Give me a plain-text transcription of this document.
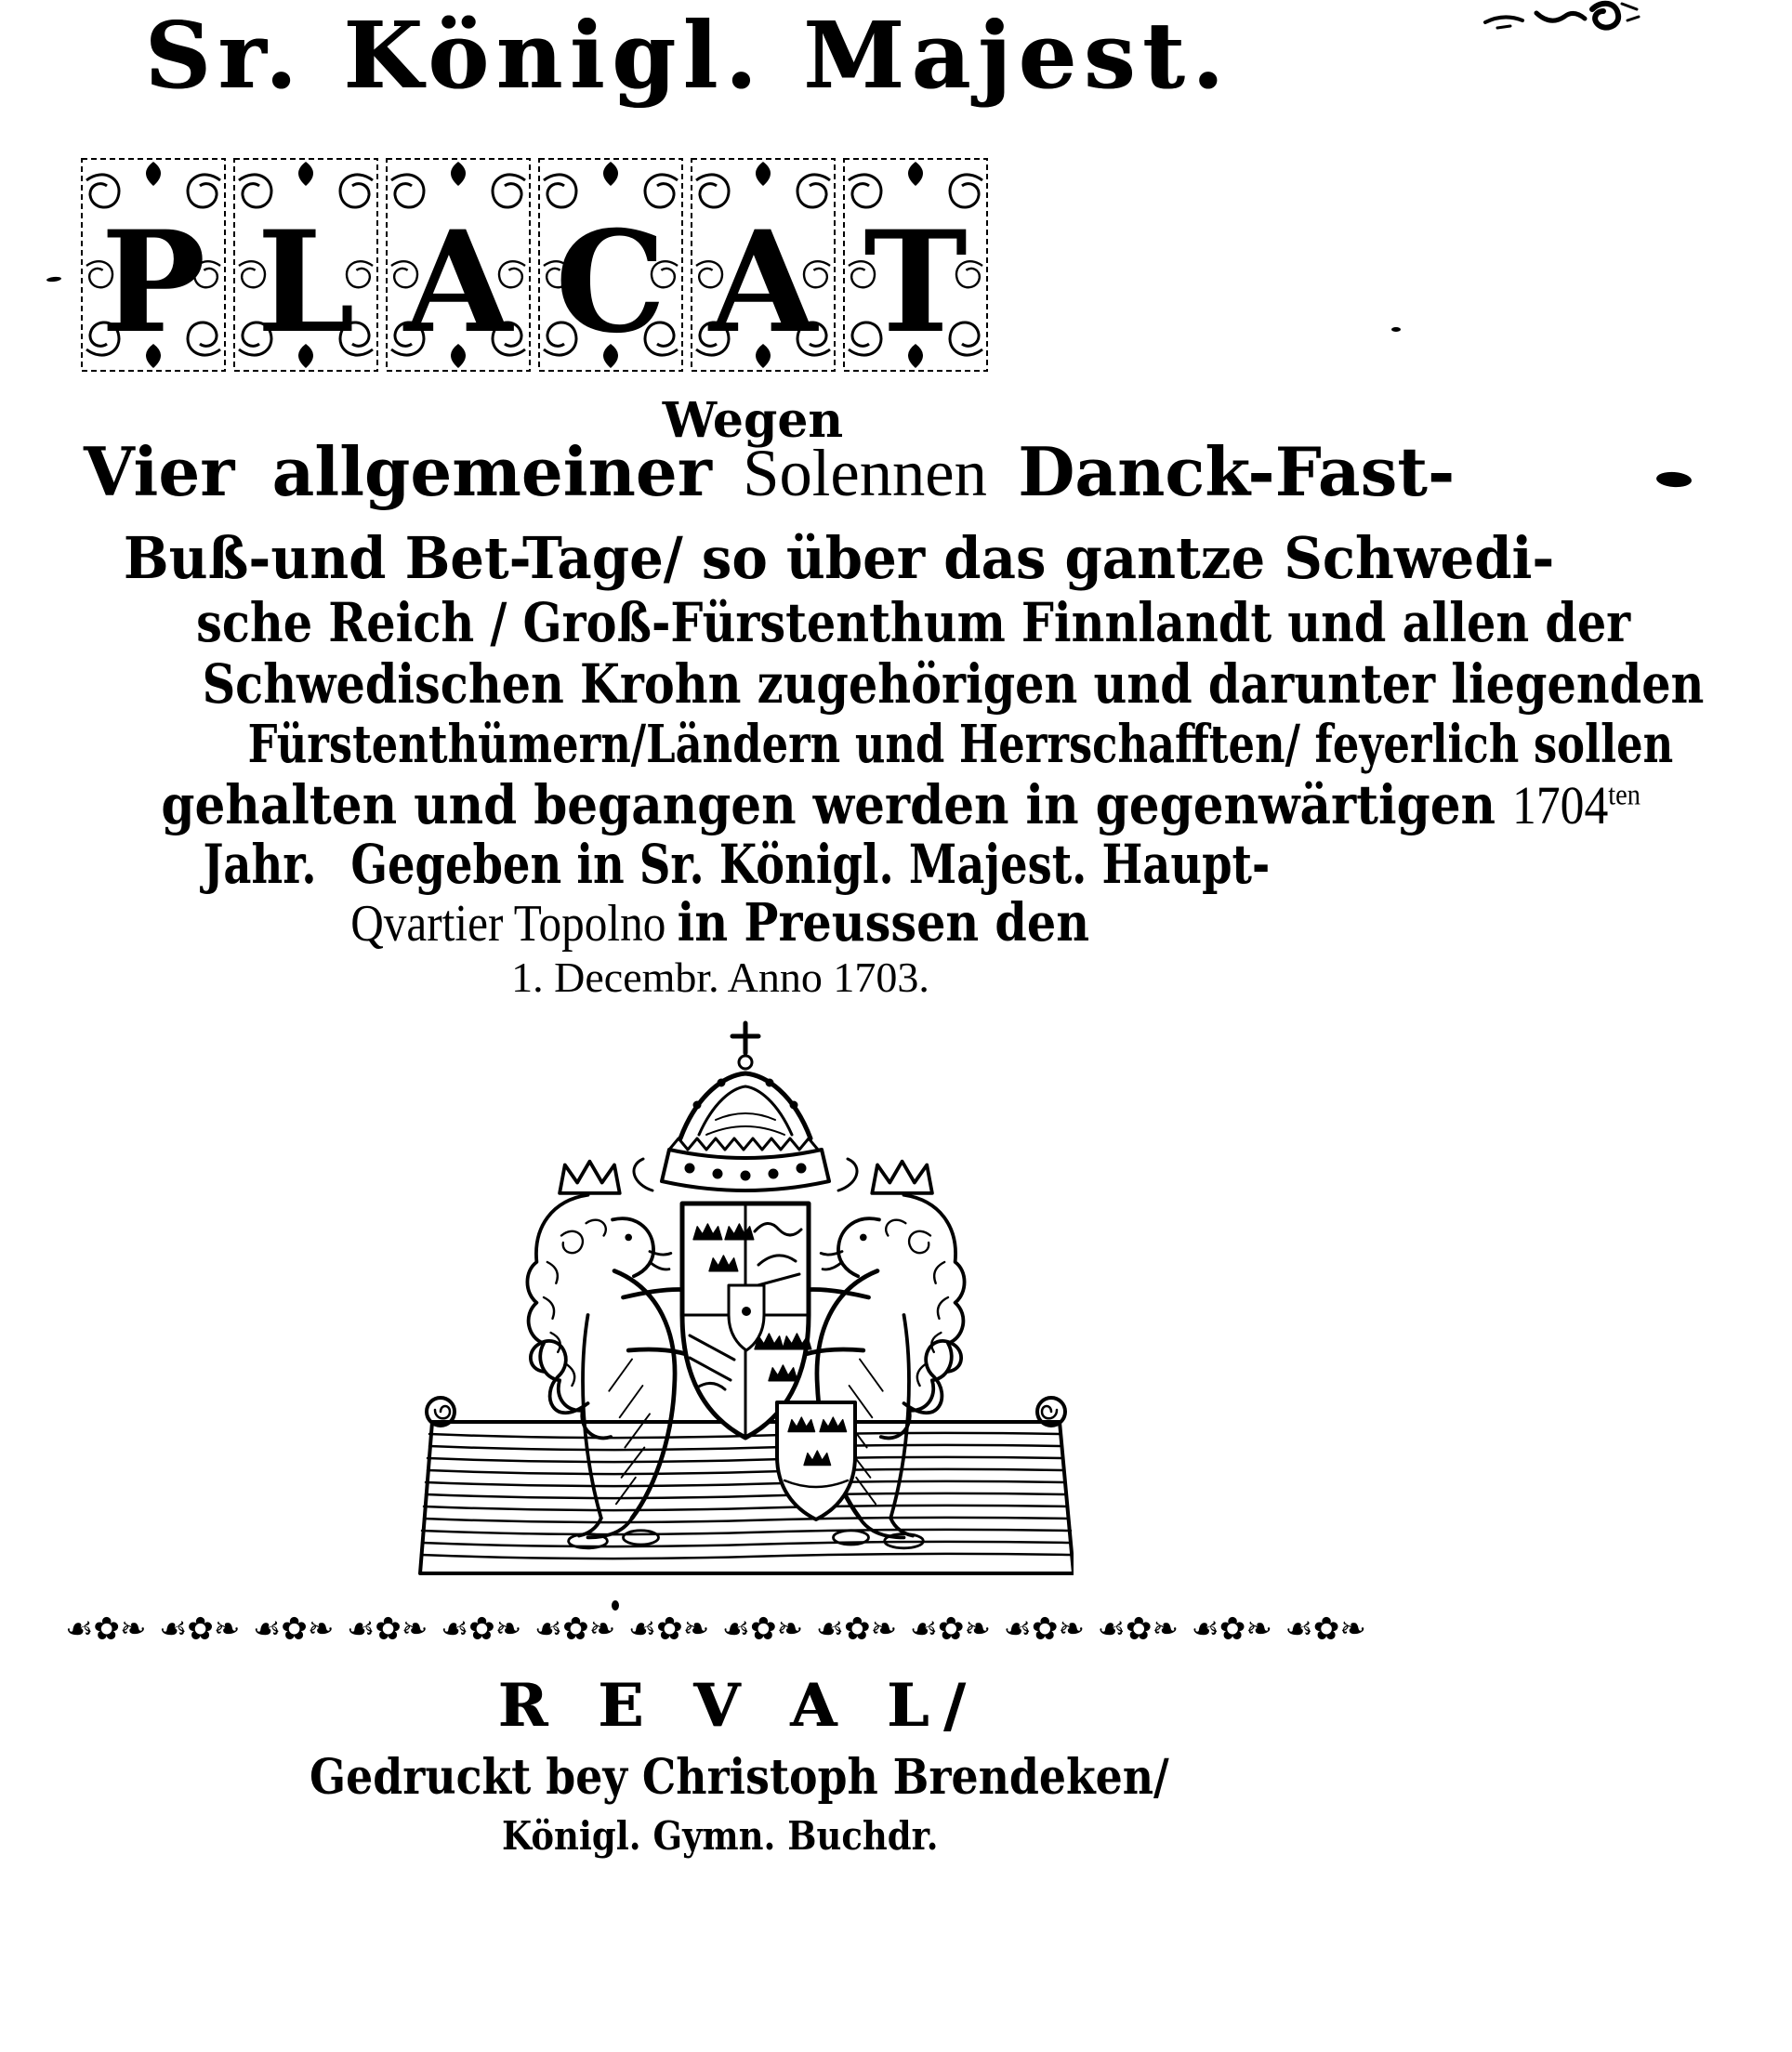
Sr. Königl. Majest.
P L A C A T
Wegen
Vier allgemeiner Solennen Danck-Fast-
Buß-und Bet-Tage/ so über das gantze Schwedi-
sche Reich / Groß-Fürstenthum Finnlandt und allen der
Schwedischen Krohn zugehörigen und darunter liegenden
Fürstenthümern/Ländern und Herrschafften/ feyerlich sollen
gehalten und begangen werden in gegenwärtigen $1704^{ten}$
Jahr. Gegeben in Sr. Königl. Majest. Haupt-
Qvartier Topolno in Preussen den
1. Decembr. Anno 1703.
☙✿❧ ☙✿❧ ☙✿❧ ☙✿❧ ☙✿❧ ☙✿❧ ☙✿❧ ☙✿❧ ☙✿❧ ☙✿❧ ☙✿❧ ☙✿❧ ☙✿❧ ☙✿❧
R E V A L/
Gedruckt bey Christoph Brendeken/
Königl. Gymn. Buchdr.
